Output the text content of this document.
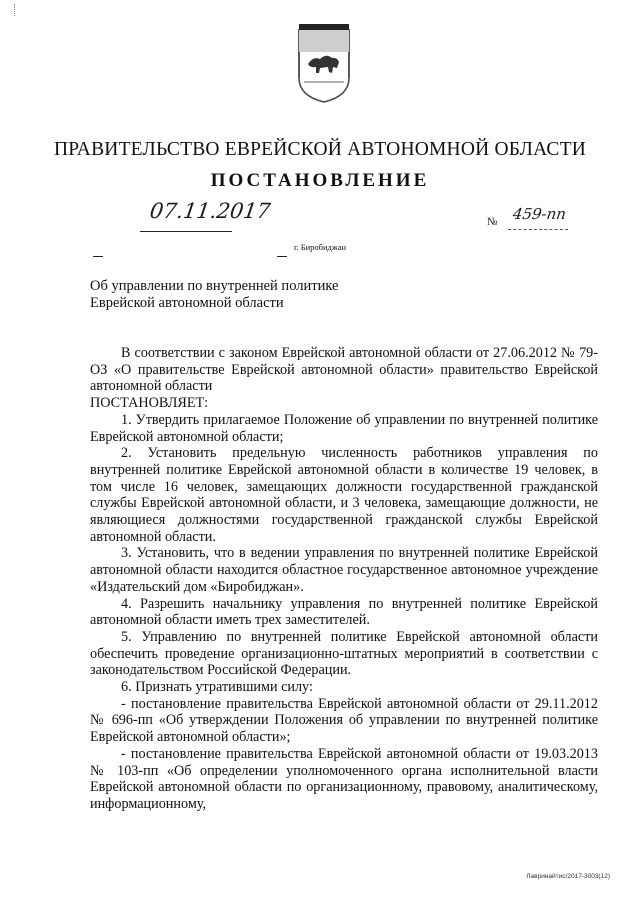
ПРАВИТЕЛЬСТВО ЕВРЕЙСКОЙ АВТОНОМНОЙ ОБЛАСТИ
ПОСТАНОВЛЕНИЕ
07.11.2017	№ 459-пп
г. Биробиджан
Об управлении по внутренней политике
Еврейской автономной области

В соответствии с законом Еврейской автономной области от 27.06.2012 № 79-ОЗ «О правительстве Еврейской автономной области» правительство Еврейской автономной области

ПОСТАНОВЛЯЕТ:

1. Утвердить прилагаемое Положение об управлении по внутренней политике Еврейской автономной области;

2. Установить предельную численность работников управления по внутренней политике Еврейской автономной области в количестве 19 человек, в том числе 16 человек, замещающих должности государственной гражданской службы Еврейской автономной области, и 3 человека, замещающие должности, не являющиеся должностями государственной гражданской службы Еврейской автономной области.

3. Установить, что в ведении управления по внутренней политике Еврейской автономной области находится областное государственное автономное учреждение «Издательский дом «Биробиджан».

4. Разрешить начальнику управления по внутренней политике Еврейской автономной области иметь трех заместителей.

5. Управлению по внутренней политике Еврейской автономной области обеспечить проведение организационно-штатных мероприятий в соответствии с законодательством Российской Федерации.

6. Признать утратившими силу:

- постановление правительства Еврейской автономной области от 29.11.2012 № 696-пп «Об утверждении Положения об управлении по внутренней политике Еврейской автономной области»;

- постановление правительства Еврейской автономной области от 19.03.2013 № 103-пп «Об определении уполномоченного органа исполнительной власти Еврейской автономной области по организационному, правовому, аналитическому, информационному,

Лавринайтис/2017-3003(12)
